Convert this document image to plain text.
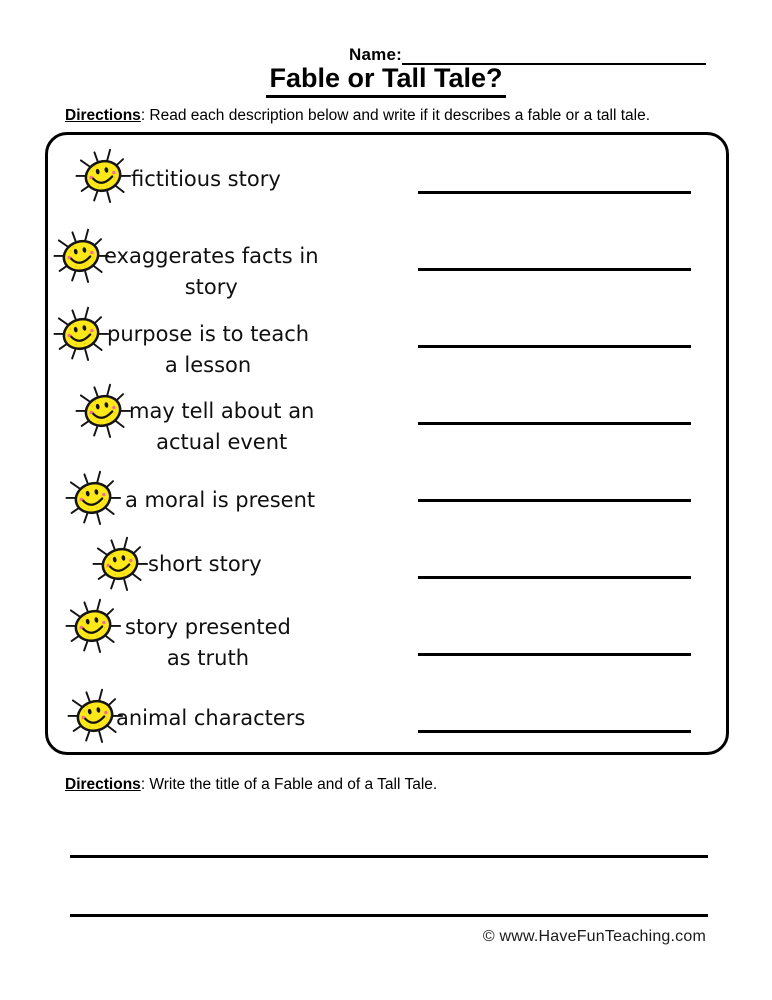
Name:
Fable or Tall Tale?
Directions: Read each description below and write if it describes a fable or a tall tale.
fictitious story
exaggerates facts in
story
purpose is to teach
a lesson
may tell about an
actual event
a moral is present
short story
story presented
as truth
animal characters
Directions: Write the title of a Fable and of a Tall Tale.
© www.HaveFunTeaching.com
